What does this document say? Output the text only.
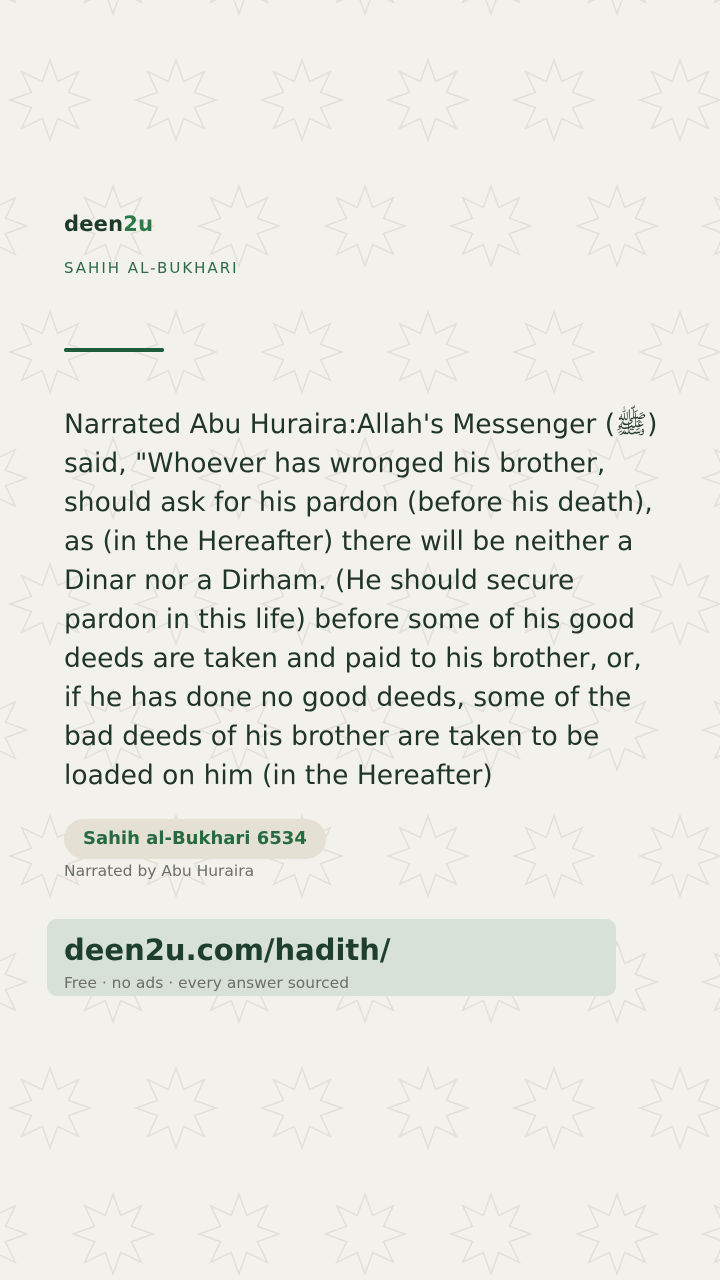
deen2u
SAHIH AL-BUKHARI

Narrated Abu Huraira:Allah's Messenger (ﷺ) said, "Whoever has wronged his brother, should ask for his pardon (before his death), as (in the Hereafter) there will be neither a Dinar nor a Dirham. (He should secure pardon in this life) before some of his good deeds are taken and paid to his brother, or, if he has done no good deeds, some of the bad deeds of his brother are taken to be loaded on him (in the Hereafter)

Sahih al-Bukhari 6534
Narrated by Abu Huraira
deen2u.com/hadith/
Free · no ads · every answer sourced
